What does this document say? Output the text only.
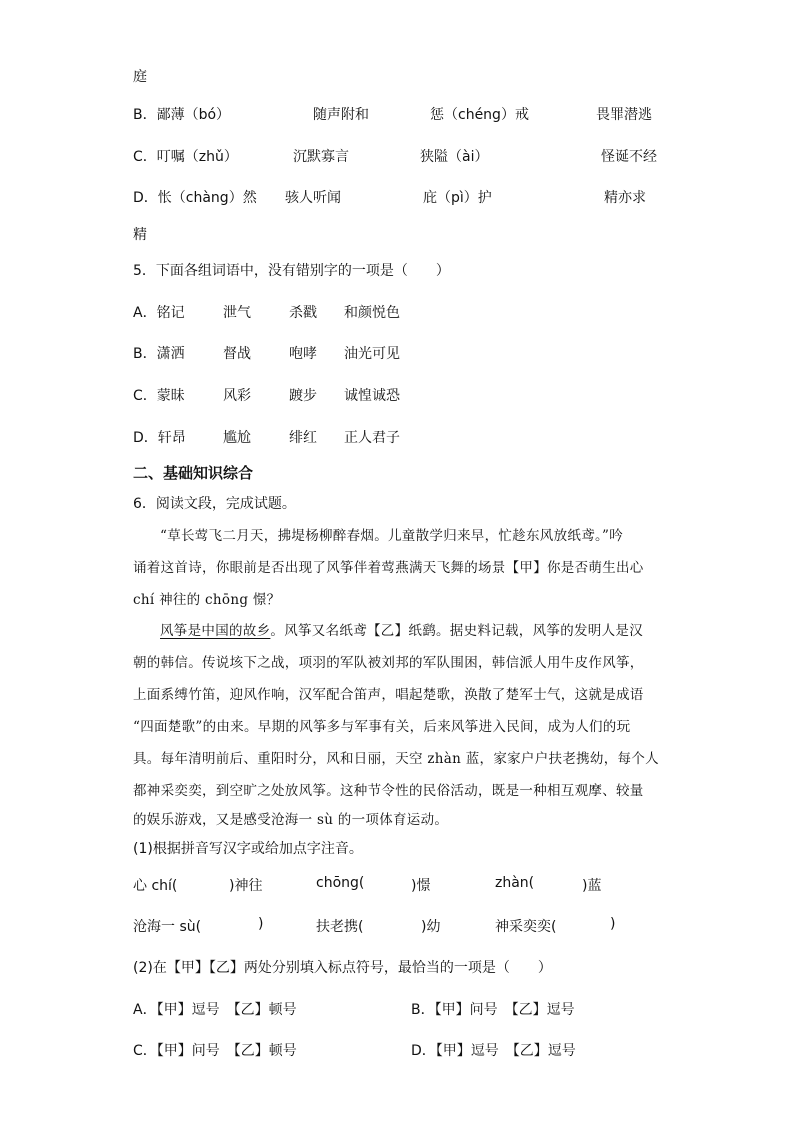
庭
B．鄙薄（bó）	随声附和	惩（chéng）戒	畏罪潜逃
C．叮嘱（zhǔ）	沉默寡言	狭隘（ài）	怪诞不经
D．怅（chàng）然 骇人听闻	庇（pì）护	精亦求
精
5．下面各组词语中，没有错别字的一项是（　　）
A．铭记	泄气	杀戳 和颜悦色
B．潇洒	督战	咆哮 油光可见
C．蒙昧	风彩	踱步 诚惶诚恐
D．轩昂	尴尬	绯红 正人君子
二、基础知识综合
6．阅读文段，完成试题。
“草长莺飞二月天，拂堤杨柳醉春烟。儿童散学归来早，忙趁东风放纸鸢。”吟
诵着这首诗，你眼前是否出现了风筝伴着莺燕满天飞舞的场景【甲】你是否萌生出心
chí 神往的 chōng 憬？
风筝是中国的故乡。风筝又名纸鸢【乙】纸鹞。据史料记载，风筝的发明人是汉
朝的韩信。传说垓下之战，项羽的军队被刘邦的军队围困，韩信派人用牛皮作风筝，
上面系缚竹笛，迎风作响，汉军配合笛声，唱起楚歌，涣散了楚军士气，这就是成语
“四面楚歌”的由来。早期的风筝多与军事有关，后来风筝进入民间，成为人们的玩
具。每年清明前后、重阳时分，风和日丽，天空 zhàn 蓝，家家户户扶老携幼，每个人
都神采奕奕，到空旷之处放风筝。这种节令性的民俗活动，既是一种相互观摩、较量
的娱乐游戏，又是感受沧海一 sù 的一项体育运动。
(1)根据拼音写汉字或给加点字注音。
心 chí(	)神往	chōng(	)憬	zhàn(	)蓝
沧海一 sù(	)	扶老携(	)幼	神采奕奕(	)
(2)在【甲】【乙】两处分别填入标点符号，最恰当的一项是（　　）
A．【甲】逗号　【乙】顿号	B．【甲】问号　【乙】逗号
C．【甲】问号　【乙】顿号	D．【甲】逗号　【乙】逗号
